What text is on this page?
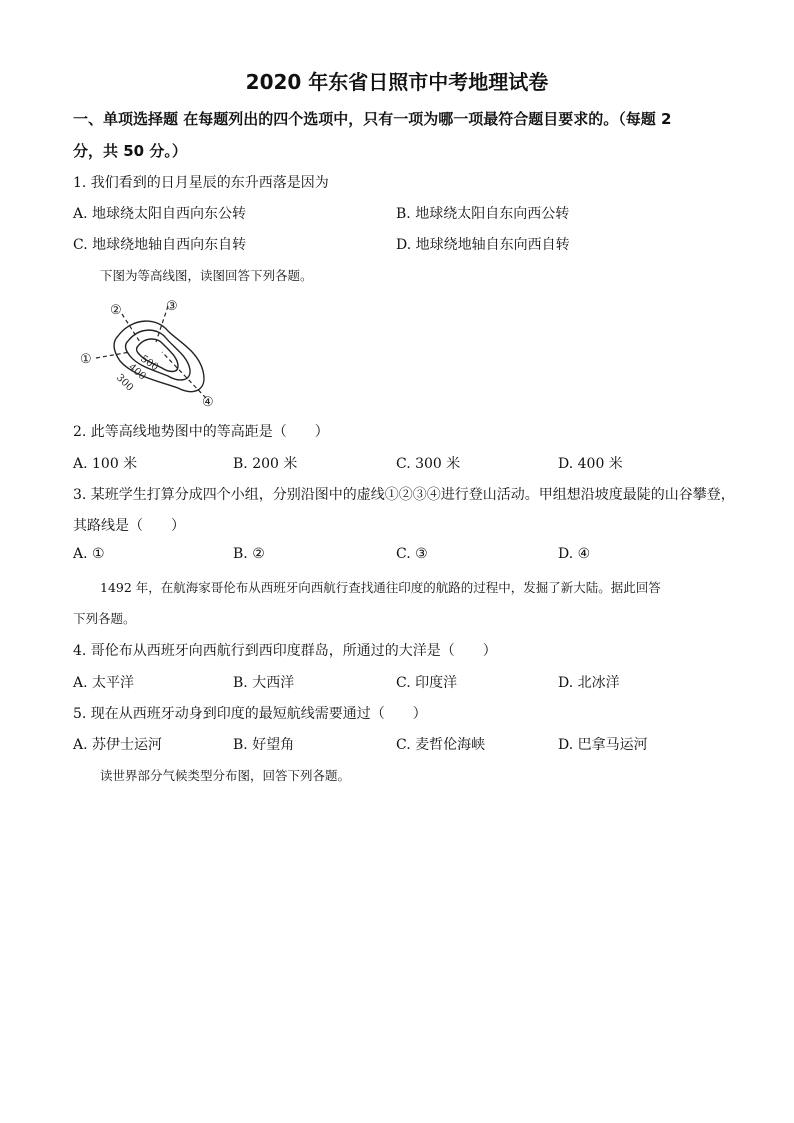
2020 年东省日照市中考地理试卷
一、单项选择题 在每题列出的四个选项中，只有一项为哪一项最符合题目要求的。（每题 2
分，共 50 分。）
1. 我们看到的日月星辰的东升西落是因为
A. 地球绕太阳自西向东公转	B. 地球绕太阳自东向西公转
C. 地球绕地轴自西向东自转	D. 地球绕地轴自东向西自转
下图为等高线图，读图回答下列各题。
①
②	③
④
500
400
300
2. 此等高线地势图中的等高距是（　　）
A. 100 米	B. 200 米	C. 300 米	D. 400 米
3. 某班学生打算分成四个小组，分别沿图中的虚线①②③④进行登山活动。甲组想沿坡度最陡的山谷攀登，
其路线是（　　）
A. ①	B. ②	C. ③	D. ④
1492 年，在航海家哥伦布从西班牙向西航行查找通往印度的航路的过程中，发掘了新大陆。据此回答
下列各题。
4. 哥伦布从西班牙向西航行到西印度群岛，所通过的大洋是（　　）
A. 太平洋	B. 大西洋	C. 印度洋	D. 北冰洋
5. 现在从西班牙动身到印度的最短航线需要通过（　　）
A. 苏伊士运河	B. 好望角	C. 麦哲伦海峡	D. 巴拿马运河
读世界部分气候类型分布图，回答下列各题。
